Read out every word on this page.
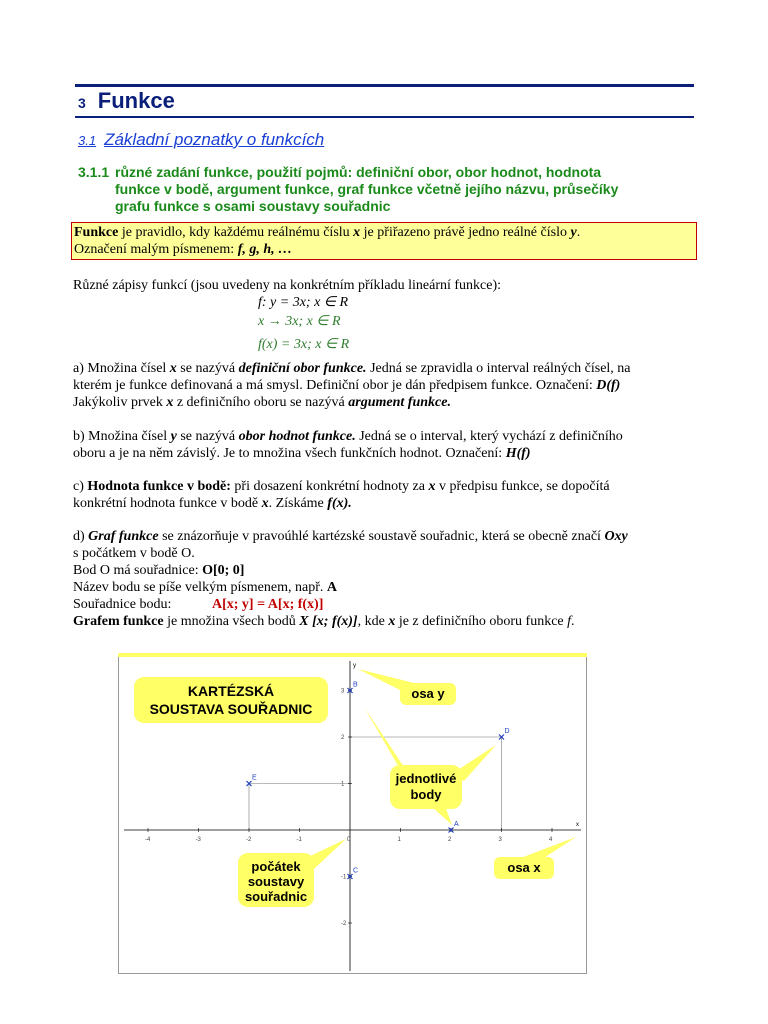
3 Funkce
3.1 Základní poznatky o funkcích
3.1.1 různé zadání funkce, použití pojmů: definiční obor, obor hodnot, hodnota
funkce v bodě, argument funkce, graf funkce včetně jejího názvu, průsečíky
grafu funkce s osami soustavy souřadnic
Funkce je pravidlo, kdy každému reálnému číslu x je přiřazeno právě jedno reálné číslo y.
Označení malým písmenem: f, g, h, …
Různé zápisy funkcí (jsou uvedeny na konkrétním příkladu lineární funkce):
f: y = 3x; x ∈ R
x → 3x; x ∈ R
f(x) = 3x; x ∈ R
a) Množina čísel x se nazývá definiční obor funkce. Jedná se zpravidla o interval reálných čísel, na
kterém je funkce definovaná a má smysl. Definiční obor je dán předpisem funkce. Označení: D(f)
Jakýkoliv prvek x z definičního oboru se nazývá argument funkce.
b) Množina čísel y se nazývá obor hodnot funkce. Jedná se o interval, který vychází z definičního
oboru a je na něm závislý. Je to množina všech funkčních hodnot. Označení: H(f)
c) Hodnota funkce v bodě: při dosazení konkrétní hodnoty za x v předpisu funkce, se dopočítá
konkrétní hodnota funkce v bodě x. Získáme f(x).
d) Graf funkce se znázorňuje v pravoúhlé kartézské soustavě souřadnic, která se obecně značí Oxy
s počátkem v bodě O.
Bod O má souřadnice: O[0; 0]
Název bodu se píše velkým písmenem, např. A
Souřadnice bodu:	A[x; y] = A[x; f(x)]
Grafem funkce je množina všech bodů X [x; f(x)], kde x je z definičního oboru funkce f.
x
y
-4	-3	-2	-1	0	1	2	3	4
3
2
1
-1
-2
A
B
C
D
E
KARTÉZSKÁ
SOUSTAVA SOUŘADNIC
osa y
jednotlivé
body
počátek
soustavy
souřadnic
osa x
